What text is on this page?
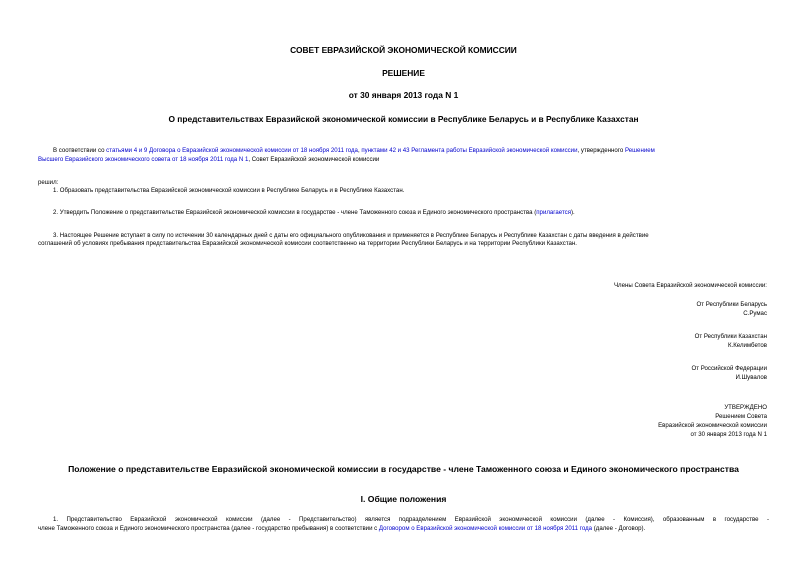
СОВЕТ ЕВРАЗИЙСКОЙ ЭКОНОМИЧЕСКОЙ КОМИССИИ
РЕШЕНИЕ
от 30 января 2013 года N 1
О представительствах Евразийской экономической комиссии в Республике Беларусь и в Республике Казахстан
В соответствии со статьями 4 и 9 Договора о Евразийской экономической комиссии от 18 ноября 2011 года, пунктами 42 и 43 Регламента работы Евразийской экономической комиссии, утвержденного Решением
Высшего Евразийского экономического совета от 18 ноября 2011 года N 1, Совет Евразийской экономической комиссии
решил:
1. Образовать представительства Евразийской экономической комиссии в Республике Беларусь и в Республике Казахстан.
2. Утвердить Положение о представительстве Евразийской экономической комиссии в государстве - члене Таможенного союза и Единого экономического пространства (прилагается).
3. Настоящее Решение вступает в силу по истечении 30 календарных дней с даты его официального опубликования и применяется в Республике Беларусь и Республике Казахстан с даты введения в действие
соглашений об условиях пребывания представительства Евразийской экономической комиссии соответственно на территории Республики Беларусь и на территории Республики Казахстан.
Члены Совета Евразийской экономической комиссии:
От Республики Беларусь
С.Румас
От Республики Казахстан
К.Келимбетов
От Российской Федерации
И.Шувалов
УТВЕРЖДЕНО
Решением Совета
Евразийской экономической комиссии
от 30 января 2013 года N 1
Положение о представительстве Евразийской экономической комиссии в государстве - члене Таможенного союза и Единого экономического пространства
I. Общие положения
1. Представительство Евразийской экономической комиссии (далее - Представительство) является подразделением Евразийской экономической комиссии (далее - Комиссия), образованным в государстве -
члене Таможенного союза и Единого экономического пространства (далее - государство пребывания) в соответствии с Договором о Евразийской экономической комиссии от 18 ноября 2011 года (далее - Договор).
